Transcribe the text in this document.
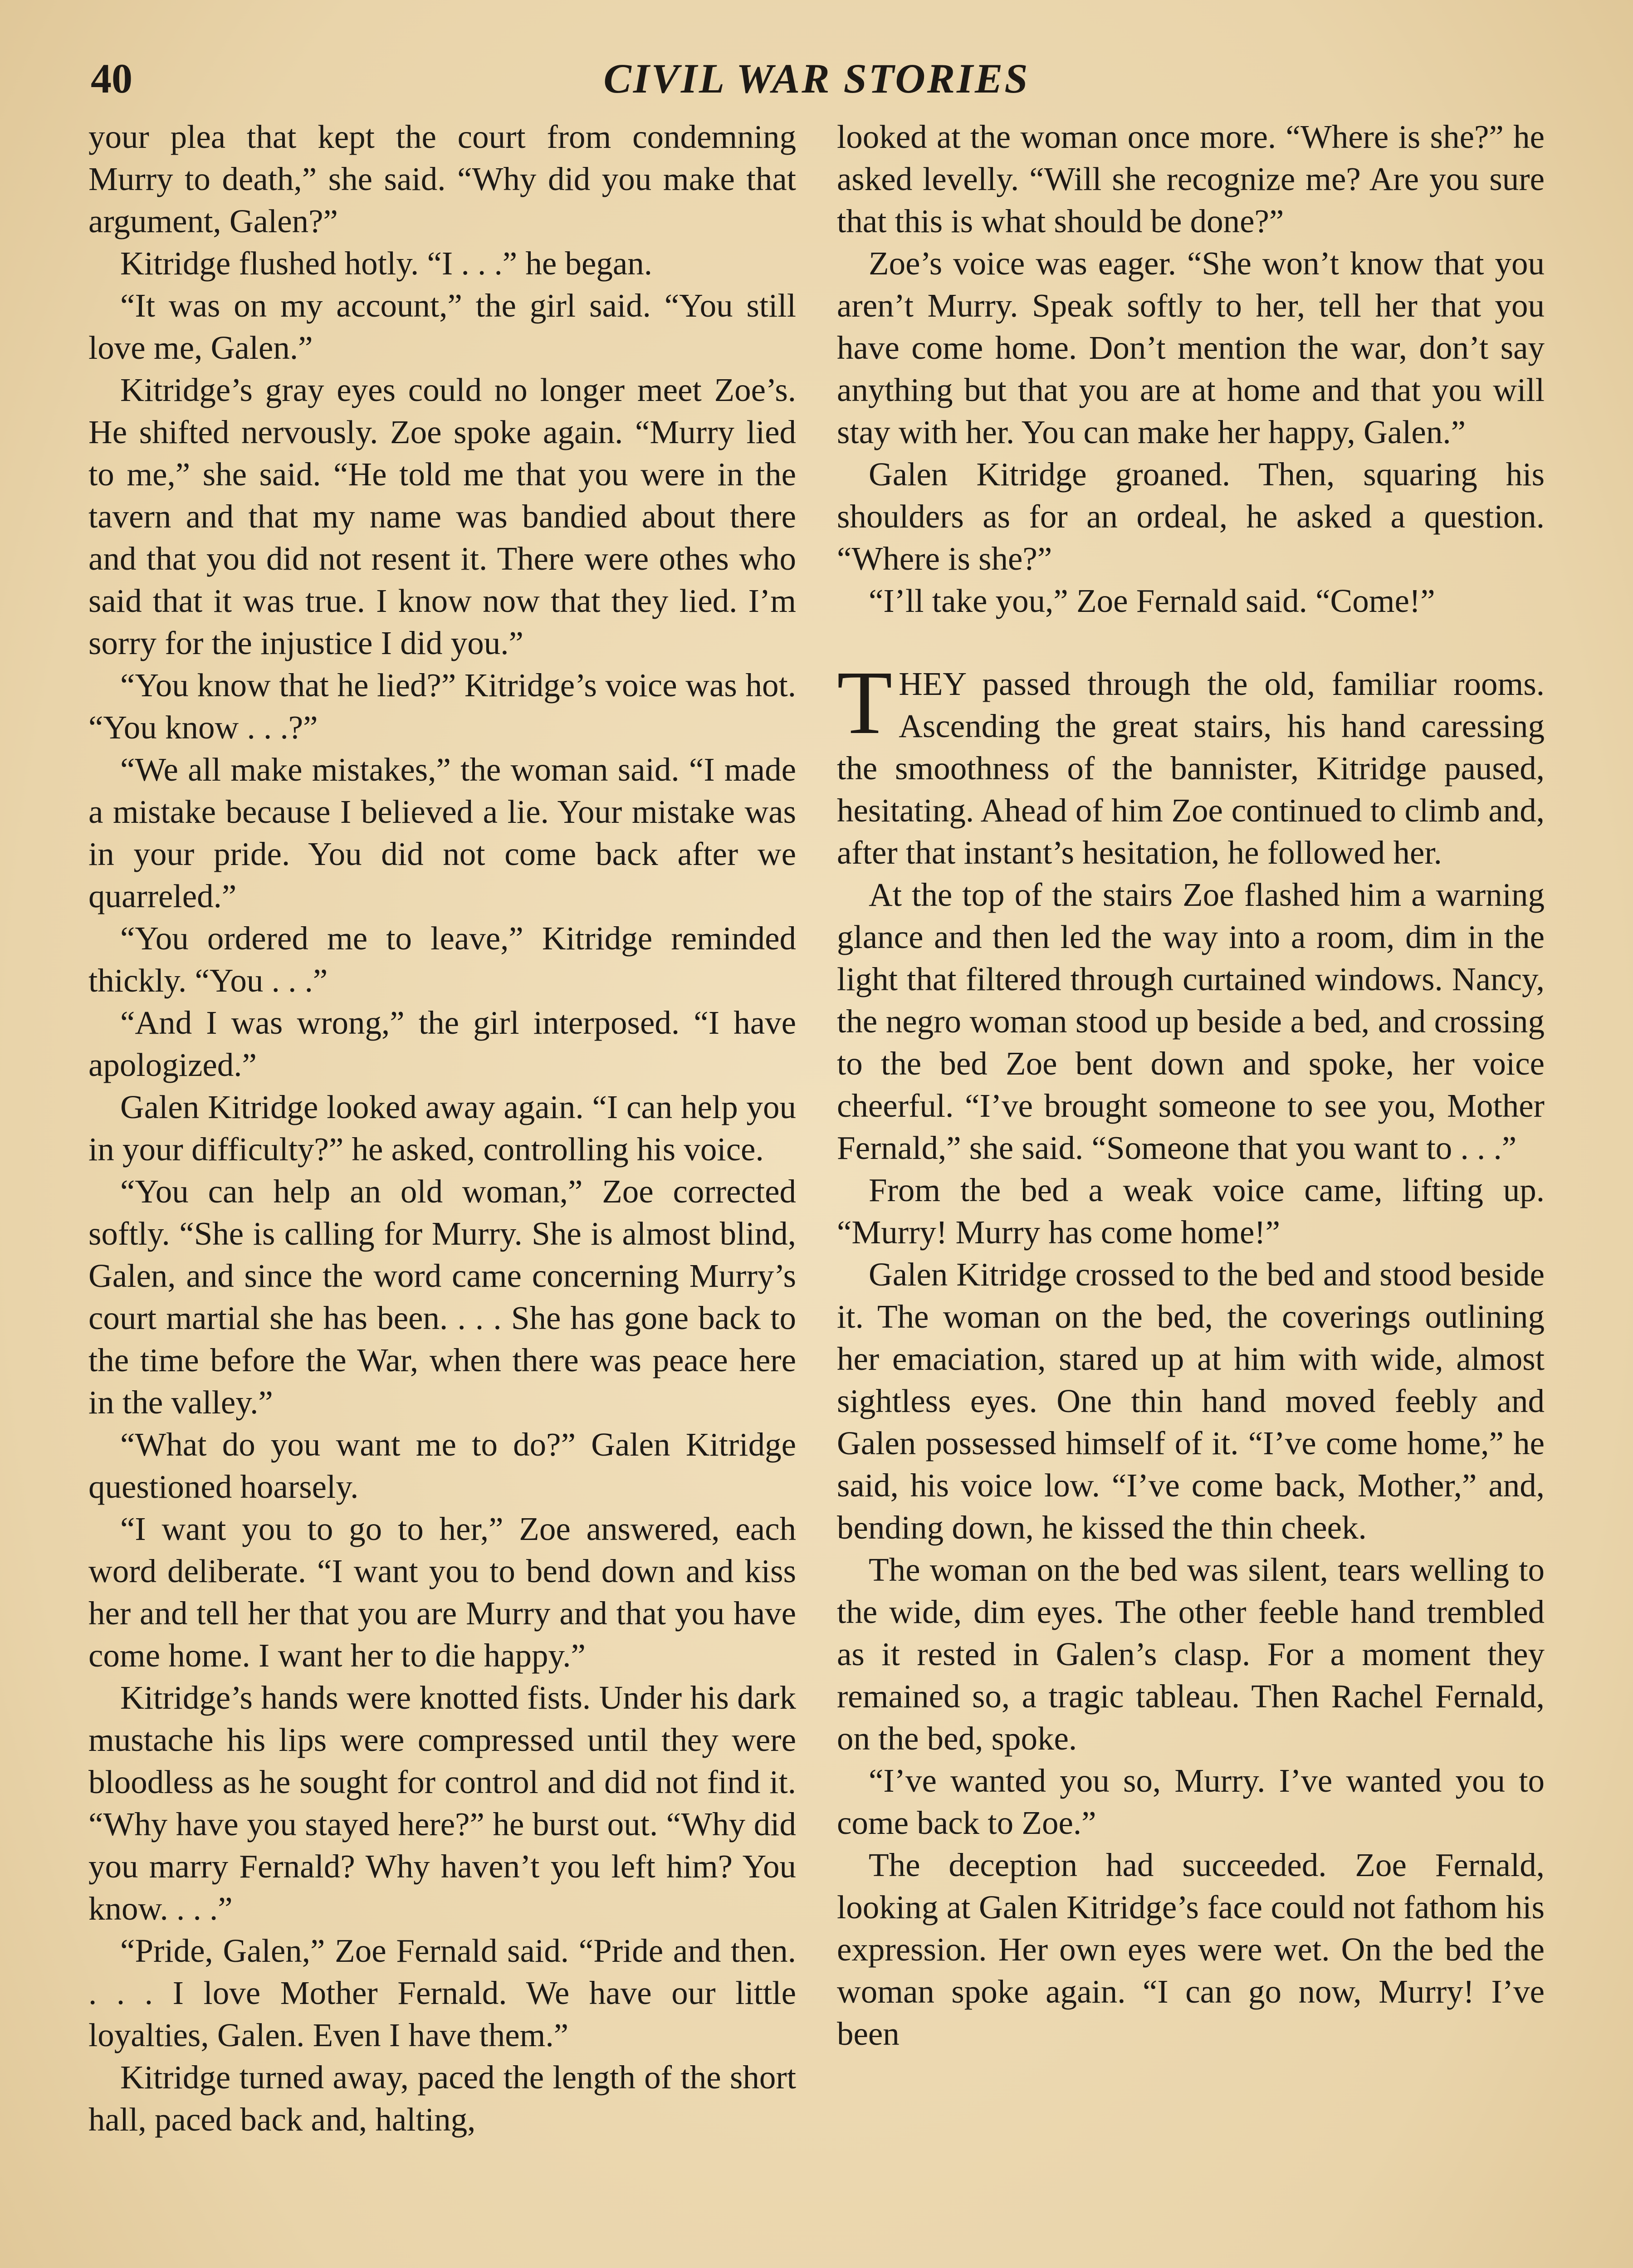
40	CIVIL WAR STORIES

your plea that kept the court from condemning Murry to death,” she said. “Why did you make that argument, Galen?”

Kitridge flushed hotly. “I . . .” he began.

“It was on my account,” the girl said. “You still love me, Galen.”

Kitridge’s gray eyes could no longer meet Zoe’s. He shifted nervously. Zoe spoke again. “Murry lied to me,” she said. “He told me that you were in the tavern and that my name was bandied about there and that you did not resent it. There were othes who said that it was true. I know now that they lied. I’m sorry for the injustice I did you.”

“You know that he lied?” Kitridge’s voice was hot. “You know . . .?”

“We all make mistakes,” the woman said. “I made a mistake because I believed a lie. Your mistake was in your pride. You did not come back after we quarreled.”

“You ordered me to leave,” Kitridge reminded thickly. “You . . .”

“And I was wrong,” the girl interposed. “I have apologized.”

Galen Kitridge looked away again. “I can help you in your difficulty?” he asked, controlling his voice.

“You can help an old woman,” Zoe corrected softly. “She is calling for Murry. She is almost blind, Galen, and since the word came concerning Murry’s court martial she has been. . . . She has gone back to the time before the War, when there was peace here in the valley.”

“What do you want me to do?” Galen Kitridge questioned hoarsely.

“I want you to go to her,” Zoe answered, each word deliberate. “I want you to bend down and kiss her and tell her that you are Murry and that you have come home. I want her to die happy.”

Kitridge’s hands were knotted fists. Under his dark mustache his lips were compressed until they were bloodless as he sought for control and did not find it. “Why have you stayed here?” he burst out. “Why did you marry Fernald? Why haven’t you left him? You know. . . .”

“Pride, Galen,” Zoe Fernald said. “Pride and then. . . . I love Mother Fernald. We have our little loyalties, Galen. Even I have them.”

Kitridge turned away, paced the length of the short hall, paced back and, halting,

looked at the woman once more. “Where is she?” he asked levelly. “Will she recognize me? Are you sure that this is what should be done?”

Zoe’s voice was eager. “She won’t know that you aren’t Murry. Speak softly to her, tell her that you have come home. Don’t mention the war, don’t say anything but that you are at home and that you will stay with her. You can make her happy, Galen.”

Galen Kitridge groaned. Then, squaring his shoulders as for an ordeal, he asked a question. “Where is she?”

“I’ll take you,” Zoe Fernald said. “Come!”

THEY passed through the old, familiar rooms. Ascending the great stairs, his hand caressing the smoothness of the bannister, Kitridge paused, hesitating. Ahead of him Zoe continued to climb and, after that instant’s hesitation, he followed her.

At the top of the stairs Zoe flashed him a warning glance and then led the way into a room, dim in the light that filtered through curtained windows. Nancy, the negro woman stood up beside a bed, and crossing to the bed Zoe bent down and spoke, her voice cheerful. “I’ve brought someone to see you, Mother Fernald,” she said. “Someone that you want to . . .”

From the bed a weak voice came, lifting up. “Murry! Murry has come home!”

Galen Kitridge crossed to the bed and stood beside it. The woman on the bed, the coverings outlining her emaciation, stared up at him with wide, almost sightless eyes. One thin hand moved feebly and Galen possessed himself of it. “I’ve come home,” he said, his voice low. “I’ve come back, Mother,” and, bending down, he kissed the thin cheek.

The woman on the bed was silent, tears welling to the wide, dim eyes. The other feeble hand trembled as it rested in Galen’s clasp. For a moment they remained so, a tragic tableau. Then Rachel Fernald, on the bed, spoke.

“I’ve wanted you so, Murry. I’ve wanted you to come back to Zoe.”

The deception had succeeded. Zoe Fernald, looking at Galen Kitridge’s face could not fathom his expression. Her own eyes were wet. On the bed the woman spoke again. “I can go now, Murry! I’ve been
